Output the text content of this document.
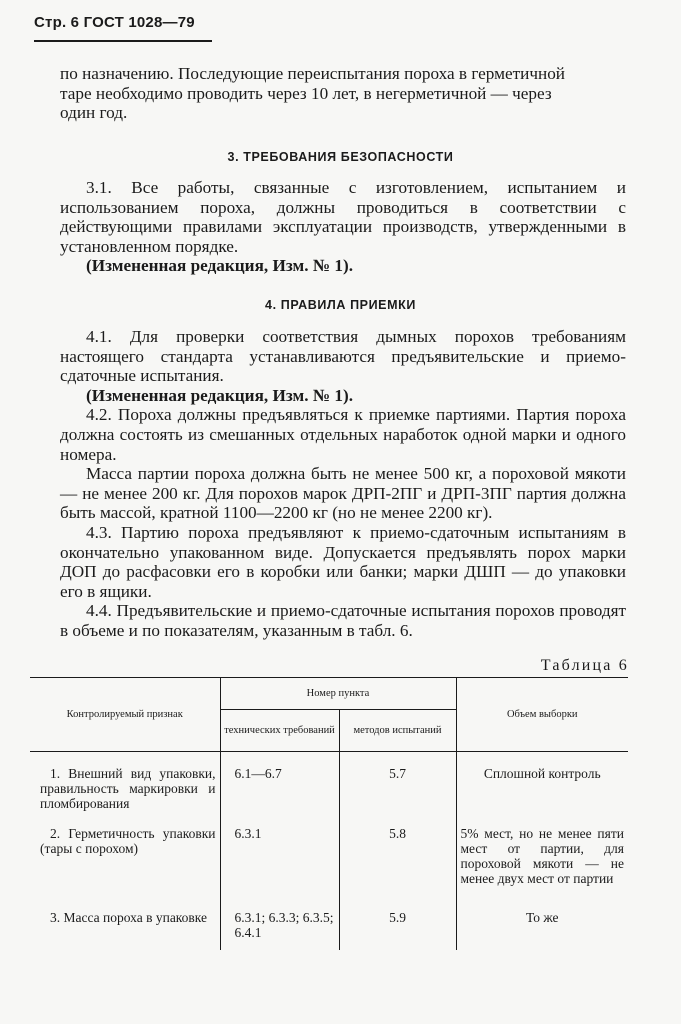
Стр. 6 ГОСТ 1028—79

по назначению. Последующие переиспытания пороха в герметичной

таре необходимо проводить через 10 лет, в негерметичной — через

один год.

3. ТРЕБОВАНИЯ БЕЗОПАСНОСТИ

3.1. Все работы, связанные с изготовлением, испытанием и использованием пороха, должны проводиться в соответствии с действующими правилами эксплуатации производств, утвержденными в установленном порядке.

(Измененная редакция, Изм. № 1).

4. ПРАВИЛА ПРИЕМКИ

4.1. Для проверки соответствия дымных порохов требованиям настоящего стандарта устанавливаются предъявительские и приемо-сдаточные испытания.

(Измененная редакция, Изм. № 1).

4.2. Пороха должны предъявляться к приемке партиями. Партия пороха должна состоять из смешанных отдельных наработок одной марки и одного номера.

Масса партии пороха должна быть не менее 500 кг, а пороховой мякоти — не менее 200 кг. Для порохов марок ДРП-2ПГ и ДРП-3ПГ партия должна быть массой, кратной 1100—2200 кг (но не менее 2200 кг).

4.3. Партию пороха предъявляют к приемо-сдаточным испытаниям в окончательно упакованном виде. Допускается предъявлять порох марки ДОП до расфасовки его в коробки или банки; марки ДШП — до упаковки его в ящики.

4.4. Предъявительские и приемо-сдаточные испытания порохов проводят в объеме и по показателям, указанным в табл. 6.

Таблица 6
Контролируемый признак	Номер пункта		Объем выборки
	технических требований	методов испытаний	

1. Внешний вид упаковки, правильность маркировки и пломбирования	6.1—6.7	5.7	Сплошной контроль

2. Герметичность упаковки (тары с порохом)	6.3.1	5.8	5% мест, но не менее пяти мест от партии, для пороховой мякоти — не менее двух мест от партии

3. Масса пороха в упаковке	6.3.1; 6.3.3; 6.3.5; 6.4.1	5.9	То же
